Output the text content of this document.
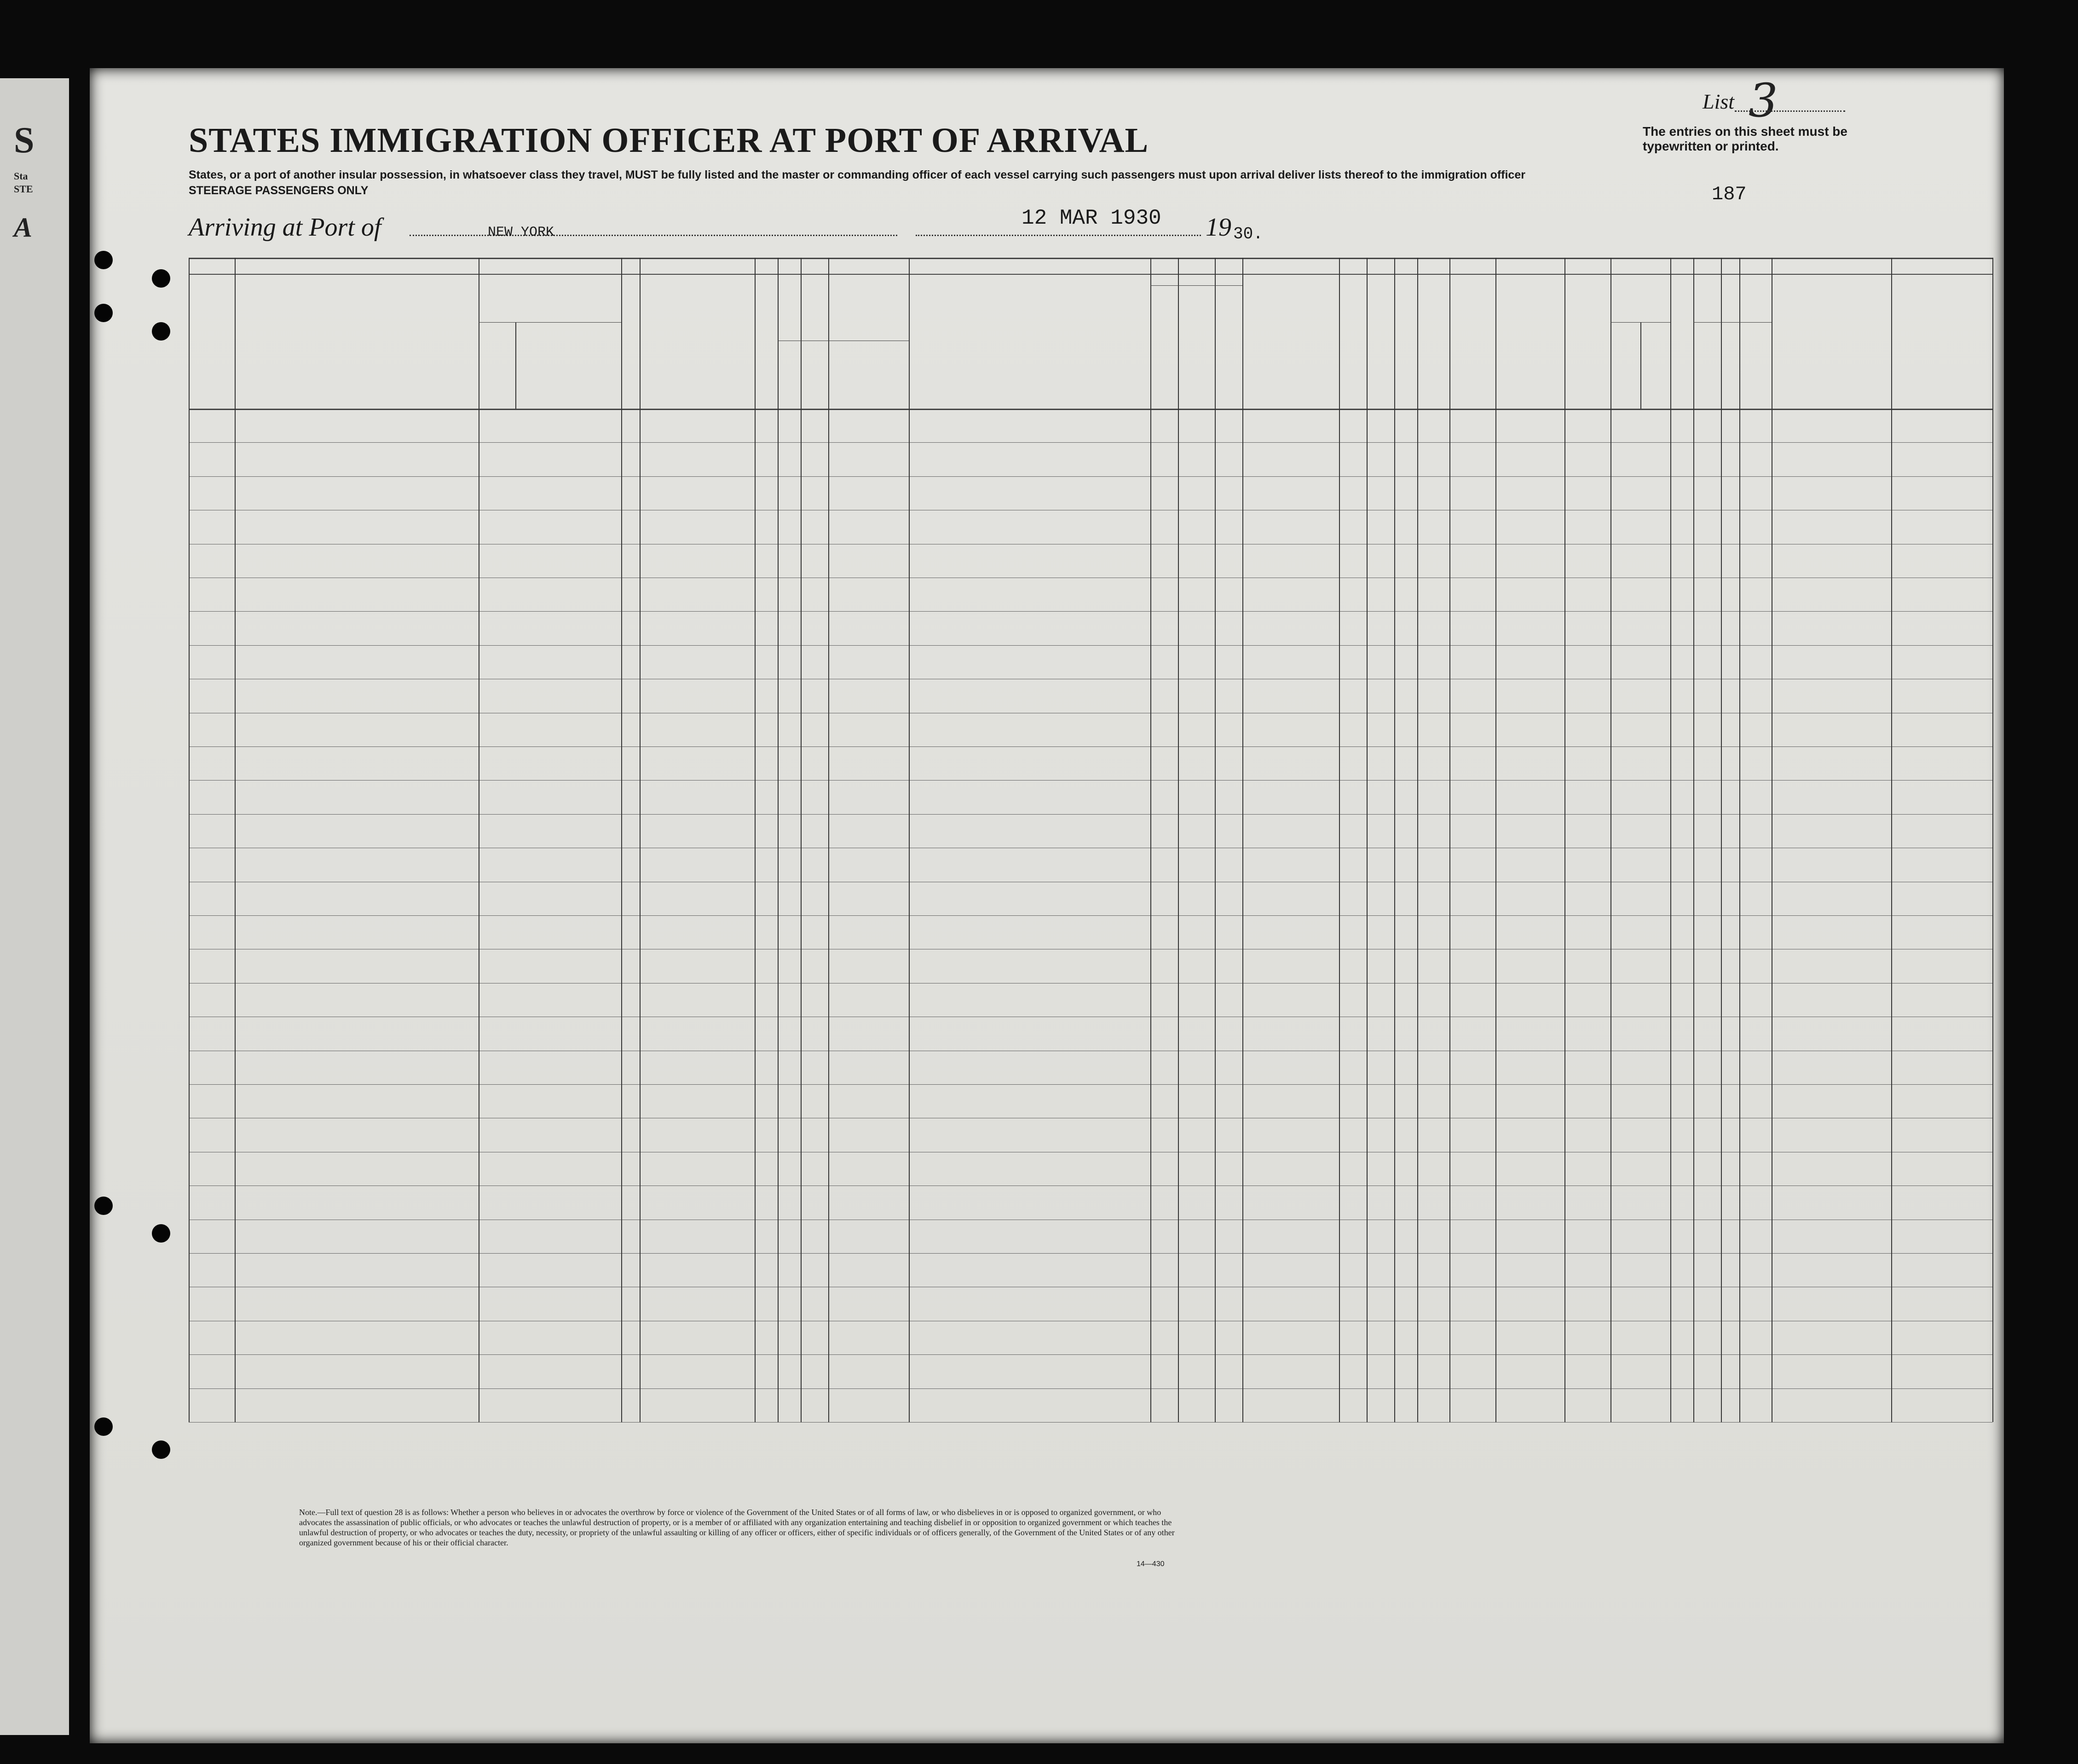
S
Sta
STE
A
STATES IMMIGRATION OFFICER AT PORT OF ARRIVAL
States, or a port of another insular possession, in whatsoever class they travel, MUST be fully listed and the master or commanding officer of each vessel carrying such passengers must upon arrival deliver lists thereof to the immigration officer
STEERAGE PASSENGERS ONLY
List 3
The entries on this sheet must be typewritten or printed.
187
Arriving at Port of	NEW YORK
12 MAR 1930 19 30.
Note.—Full text of question 28 is as follows: Whether a person who believes in or advocates the overthrow by force or violence of the Government of the United States or of all forms of law, or who disbelieves in or is opposed to organized government, or who advocates the assassination of public officials, or who advocates or teaches the unlawful destruction of property, or is a member of or affiliated with any organization entertaining and teaching disbelief in or opposition to organized government or which teaches the unlawful destruction of property, or who advocates or teaches the duty, necessity, or propriety of the unlawful assaulting or killing of any officer or officers, either of specific individuals or of officers generally, of the Government of the United States or of any other organized government because of his or their official character.
14—430
